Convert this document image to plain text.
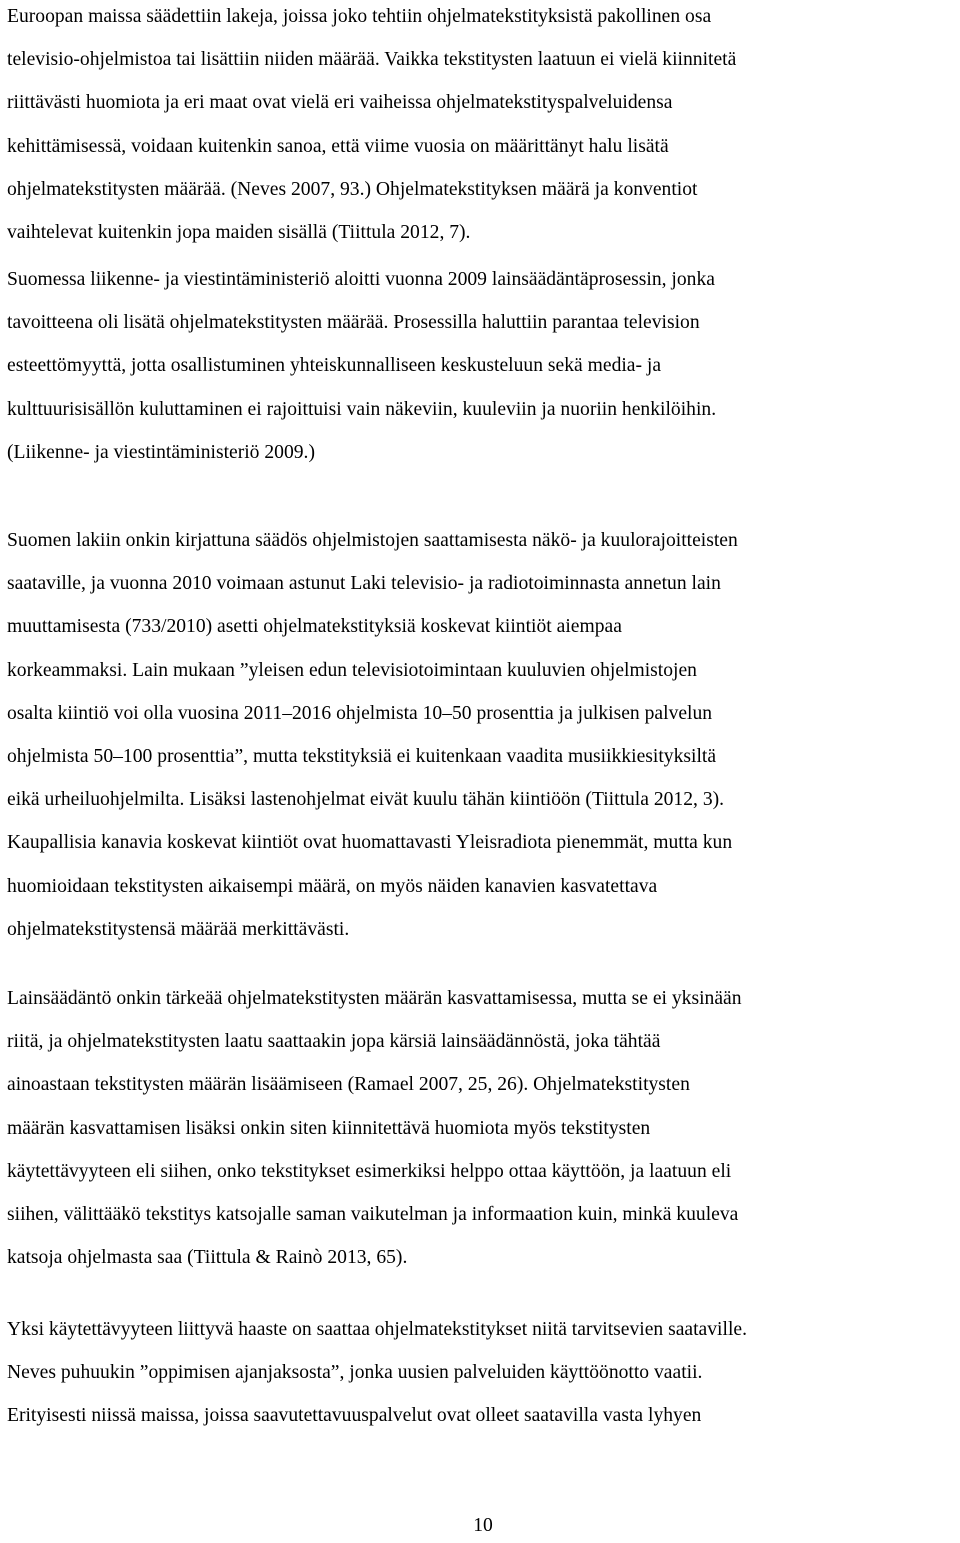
Euroopan maissa säädettiin lakeja, joissa joko tehtiin ohjelmatekstityksistä pakollinen osa
televisio-ohjelmistoa tai lisättiin niiden määrää. Vaikka tekstitysten laatuun ei vielä kiinnitetä
riittävästi huomiota ja eri maat ovat vielä eri vaiheissa ohjelmatekstityspalveluidensa
kehittämisessä, voidaan kuitenkin sanoa, että viime vuosia on määrittänyt halu lisätä
ohjelmatekstitysten määrää. (Neves 2007, 93.) Ohjelmatekstityksen määrä ja konventiot
vaihtelevat kuitenkin jopa maiden sisällä (Tiittula 2012, 7).
Suomessa liikenne- ja viestintäministeriö aloitti vuonna 2009 lainsäädäntäprosessin, jonka
tavoitteena oli lisätä ohjelmatekstitysten määrää. Prosessilla haluttiin parantaa television
esteettömyyttä, jotta osallistuminen yhteiskunnalliseen keskusteluun sekä media- ja
kulttuurisisällön kuluttaminen ei rajoittuisi vain näkeviin, kuuleviin ja nuoriin henkilöihin.
(Liikenne- ja viestintäministeriö 2009.)
Suomen lakiin onkin kirjattuna säädös ohjelmistojen saattamisesta näkö- ja kuulorajoitteisten
saataville, ja vuonna 2010 voimaan astunut Laki televisio- ja radiotoiminnasta annetun lain
muuttamisesta (733/2010) asetti ohjelmatekstityksiä koskevat kiintiöt aiempaa
korkeammaksi. Lain mukaan ”yleisen edun televisiotoimintaan kuuluvien ohjelmistojen
osalta kiintiö voi olla vuosina 2011–2016 ohjelmista 10–50 prosenttia ja julkisen palvelun
ohjelmista 50–100 prosenttia”, mutta tekstityksiä ei kuitenkaan vaadita musiikkiesityksiltä
eikä urheiluohjelmilta. Lisäksi lastenohjelmat eivät kuulu tähän kiintiöön (Tiittula 2012, 3).
Kaupallisia kanavia koskevat kiintiöt ovat huomattavasti Yleisradiota pienemmät, mutta kun
huomioidaan tekstitysten aikaisempi määrä, on myös näiden kanavien kasvatettava
ohjelmatekstitystensä määrää merkittävästi.
Lainsäädäntö onkin tärkeää ohjelmatekstitysten määrän kasvattamisessa, mutta se ei yksinään
riitä, ja ohjelmatekstitysten laatu saattaakin jopa kärsiä lainsäädännöstä, joka tähtää
ainoastaan tekstitysten määrän lisäämiseen (Ramael 2007, 25, 26). Ohjelmatekstitysten
määrän kasvattamisen lisäksi onkin siten kiinnitettävä huomiota myös tekstitysten
käytettävyyteen eli siihen, onko tekstitykset esimerkiksi helppo ottaa käyttöön, ja laatuun eli
siihen, välittääkö tekstitys katsojalle saman vaikutelman ja informaation kuin, minkä kuuleva
katsoja ohjelmasta saa (Tiittula & Rainò 2013, 65).
Yksi käytettävyyteen liittyvä haaste on saattaa ohjelmatekstitykset niitä tarvitsevien saataville.
Neves puhuukin ”oppimisen ajanjaksosta”, jonka uusien palveluiden käyttöönotto vaatii.
Erityisesti niissä maissa, joissa saavutettavuuspalvelut ovat olleet saatavilla vasta lyhyen
10
